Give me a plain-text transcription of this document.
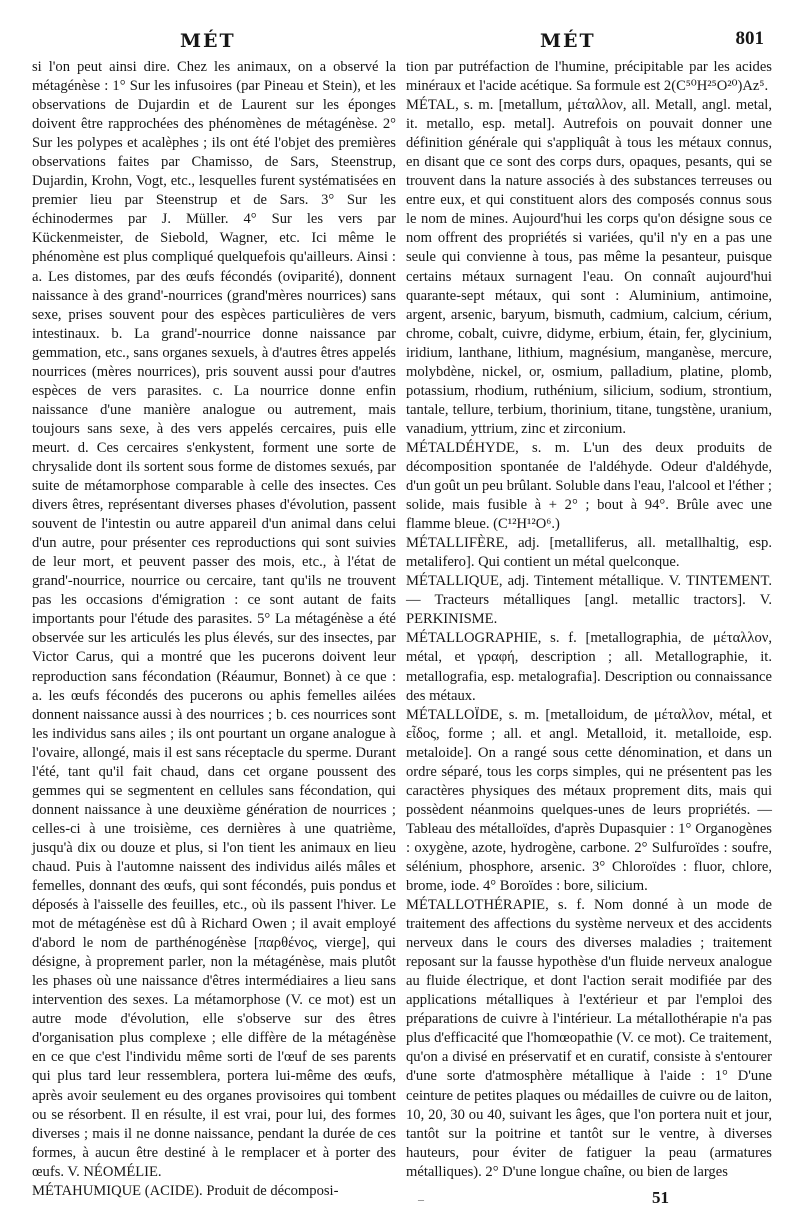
MÉT	MÉT	801

si l'on peut ainsi dire. Chez les animaux, on a observé la métagénèse : 1° Sur les infusoires (par Pineau et Stein), et les observations de Dujardin et de Laurent sur les éponges doivent être rapprochées des phénomènes de métagénèse. 2° Sur les polypes et acalèphes ; ils ont été l'objet des premières observations faites par Chamisso, de Sars, Steenstrup, Dujardin, Krohn, Vogt, etc., lesquelles furent systématisées en premier lieu par Steenstrup et de Sars. 3° Sur les échinodermes par J. Müller. 4° Sur les vers par Kückenmeister, de Siebold, Wagner, etc. Ici même le phénomène est plus compliqué quelquefois qu'ailleurs. Ainsi : a. Les distomes, par des œufs fécondés (oviparité), donnent naissance à des grand'-nourrices (grand'mères nourrices) sans sexe, prises souvent pour des espèces particulières de vers intestinaux. b. La grand'-nourrice donne naissance par gemmation, etc., sans organes sexuels, à d'autres êtres appelés nourrices (mères nourrices), pris souvent aussi pour d'autres espèces de vers parasites. c. La nourrice donne enfin naissance d'une manière analogue ou autrement, mais toujours sans sexe, à des vers appelés cercaires, puis elle meurt. d. Ces cercaires s'enkystent, forment une sorte de chrysalide dont ils sortent sous forme de distomes sexués, par suite de métamorphose comparable à celle des insectes. Ces divers êtres, représentant diverses phases d'évolution, passent souvent de l'intestin ou autre appareil d'un animal dans celui d'un autre, pour présenter ces reproductions qui sont suivies de leur mort, et peuvent passer des mois, etc., à l'état de grand'-nourrice, nourrice ou cercaire, tant qu'ils ne trouvent pas les occasions d'émigration : ce sont autant de faits importants pour l'étude des parasites. 5° La métagénèse a été observée sur les articulés les plus élevés, sur des insectes, par Victor Carus, qui a montré que les pucerons doivent leur reproduction sans fécondation (Réaumur, Bonnet) à ce que : a. les œufs fécondés des pucerons ou aphis femelles ailées donnent naissance aussi à des nourrices ; b. ces nourrices sont les individus sans ailes ; ils ont pourtant un organe analogue à l'ovaire, allongé, mais il est sans réceptacle du sperme. Durant l'été, tant qu'il fait chaud, dans cet organe poussent des gemmes qui se segmentent en cellules sans fécondation, qui donnent naissance à une deuxième génération de nourrices ; celles-ci à une troisième, ces dernières à une quatrième, jusqu'à dix ou douze et plus, si l'on tient les animaux en lieu chaud. Puis à l'automne naissent des individus ailés mâles et femelles, donnant des œufs, qui sont fécondés, puis pondus et déposés à l'aisselle des feuilles, etc., où ils passent l'hiver. Le mot de métagénèse est dû à Richard Owen ; il avait employé d'abord le nom de parthénogénèse [παρθένος, vierge], qui désigne, à proprement parler, non la métagénèse, mais plutôt les phases où une naissance d'êtres intermédiaires a lieu sans intervention des sexes. La métamorphose (V. ce mot) est un autre mode d'évolution, elle s'observe sur des êtres d'organisation plus complexe ; elle diffère de la métagénèse en ce que c'est l'individu même sorti de l'œuf de ses parents qui plus tard leur ressemblera, portera lui-même des œufs, après avoir seulement eu des organes provisoires qui tombent ou se résorbent. Il en résulte, il est vrai, pour lui, des formes diverses ; mais il ne donne naissance, pendant la durée de ces formes, à aucun être destiné à le remplacer et à porter des œufs. V. NÉOMÉLIE.

MÉTAHUMIQUE (ACIDE). Produit de décomposi-

tion par putréfaction de l'humine, précipitable par les acides minéraux et l'acide acétique. Sa formule est 2(C⁵⁰H²⁵O²⁰)Az⁵.

MÉTAL, s. m. [metallum, μέταλλον, all. Metall, angl. metal, it. metallo, esp. metal]. Autrefois on pouvait donner une définition générale qui s'appliquât à tous les métaux connus, en disant que ce sont des corps durs, opaques, pesants, qui se trouvent dans la nature associés à des substances terreuses ou entre eux, et qui constituent alors des composés connus sous le nom de mines. Aujourd'hui les corps qu'on désigne sous ce nom offrent des propriétés si variées, qu'il n'y en a pas une seule qui convienne à tous, pas même la pesanteur, puisque certains métaux surnagent l'eau. On connaît aujourd'hui quarante-sept métaux, qui sont : Aluminium, antimoine, argent, arsenic, baryum, bismuth, cadmium, calcium, cérium, chrome, cobalt, cuivre, didyme, erbium, étain, fer, glycinium, iridium, lanthane, lithium, magnésium, manganèse, mercure, molybdène, nickel, or, osmium, palladium, platine, plomb, potassium, rhodium, ruthénium, silicium, sodium, strontium, tantale, tellure, terbium, thorinium, titane, tungstène, uranium, vanadium, yttrium, zinc et zirconium.

MÉTALDÉHYDE, s. m. L'un des deux produits de décomposition spontanée de l'aldéhyde. Odeur d'aldéhyde, d'un goût un peu brûlant. Soluble dans l'eau, l'alcool et l'éther ; solide, mais fusible à + 2° ; bout à 94°. Brûle avec une flamme bleue. (C¹²H¹²O⁶.)

MÉTALLIFÈRE, adj. [metalliferus, all. metallhaltig, esp. metalifero]. Qui contient un métal quelconque.

MÉTALLIQUE, adj. Tintement métallique. V. TINTEMENT. — Tracteurs métalliques [angl. metallic tractors]. V. PERKINISME.

MÉTALLOGRAPHIE, s. f. [metallographia, de μέταλλον, métal, et γραφή, description ; all. Metallographie, it. metallografia, esp. metalografia]. Description ou connaissance des métaux.

MÉTALLOÏDE, s. m. [metalloidum, de μέταλλον, métal, et εἶδος, forme ; all. et angl. Metalloid, it. metalloide, esp. metaloide]. On a rangé sous cette dénomination, et dans un ordre séparé, tous les corps simples, qui ne présentent pas les caractères physiques des métaux proprement dits, mais qui possèdent néanmoins quelques-unes de leurs propriétés. — Tableau des métalloïdes, d'après Dupasquier : 1° Organogènes : oxygène, azote, hydrogène, carbone. 2° Sulfuroïdes : soufre, sélénium, phosphore, arsenic. 3° Chloroïdes : fluor, chlore, brome, iode. 4° Boroïdes : bore, silicium.

MÉTALLOTHÉRAPIE, s. f. Nom donné à un mode de traitement des affections du système nerveux et des accidents nerveux dans le cours des diverses maladies ; traitement reposant sur la fausse hypothèse d'un fluide nerveux analogue au fluide électrique, et dont l'action serait modifiée par des applications métalliques à l'extérieur et par l'emploi des préparations de cuivre à l'intérieur. La métallothérapie n'a pas plus d'efficacité que l'homœopathie (V. ce mot). Ce traitement, qu'on a divisé en préservatif et en curatif, consiste à s'entourer d'une sorte d'atmosphère métallique à l'aide : 1° D'une ceinture de petites plaques ou médailles de cuivre ou de laiton, 10, 20, 30 ou 40, suivant les âges, que l'on portera nuit et jour, tantôt sur la poitrine et tantôt sur le ventre, à diverses hauteurs, pour éviter de fatiguer la peau (armatures métalliques). 2° D'une longue chaîne, ou bien de larges

–	51
